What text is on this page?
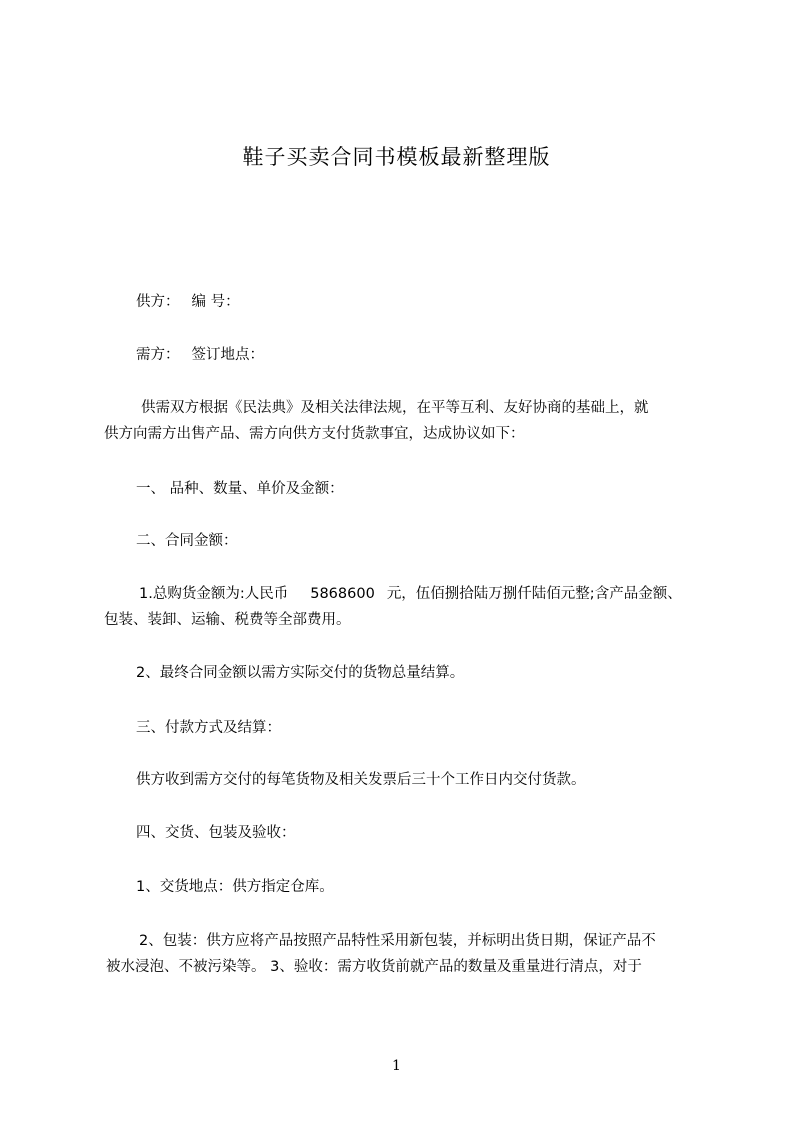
鞋子买卖合同书模板最新整理版
供方： 编 号：
需方： 签订地点：
供需双方根据《民法典》及相关法律法规，在平等互利、友好协商的基础上，就
供方向需方出售产品、需方向供方支付货款事宜，达成协议如下：
一、 品种、数量、单价及金额：
二、合同金额：
1.总购货金额为:人民币 5868600 元，伍佰捌拾陆万捌仟陆佰元整;含产品金额、
包装、装卸、运输、税费等全部费用。
2、最终合同金额以需方实际交付的货物总量结算。
三、付款方式及结算：
供方收到需方交付的每笔货物及相关发票后三十个工作日内交付货款。
四、交货、包装及验收：
1、交货地点：供方指定仓库。
2、包装：供方应将产品按照产品特性采用新包装，并标明出货日期，保证产品不
被水浸泡、不被污染等。 3、验收：需方收货前就产品的数量及重量进行清点，对于
1
